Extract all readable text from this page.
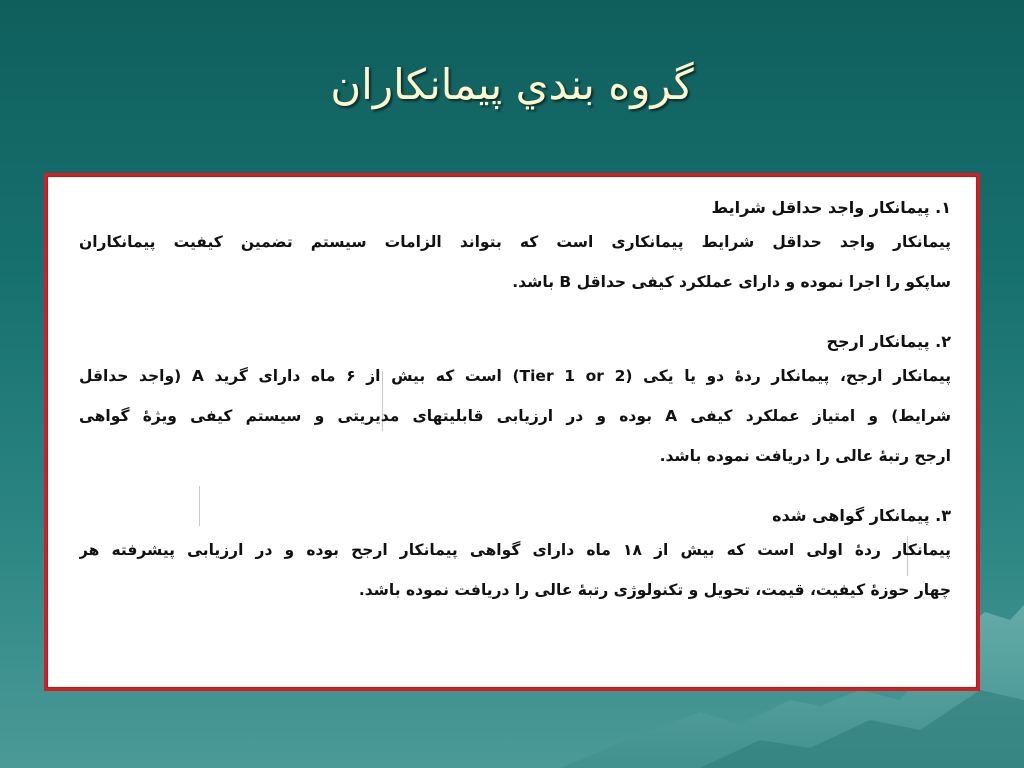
گروه بندي پيمانكاران
۱. پیمانکار واجد حداقل شرایط
پیمانکار واجد حداقل شرایط پیمانکاری است که بتواند الزامات سیستم تضمین کیفیت پیمانکاران
ساپکو را اجرا نموده و دارای عملکرد کیفی حداقل B باشد.
۲. پیمانکار ارجح
پیمانکار ارجح، پیمانکار ردهٔ دو یا یکی (Tier 1 or 2) است که بیش از ۶ ماه دارای گرید A (واجد حداقل
شرایط) و امتیاز عملکرد کیفی A بوده و در ارزیابی قابلیتهای مدیریتی و سیستم کیفی ویژهٔ گواهی
ارجح رتبهٔ عالی را دریافت نموده باشد.
۳. پیمانکار گواهی شده
پیمانکار ردهٔ اولی است که بیش از ۱۸ ماه دارای گواهی پیمانکار ارجح بوده و در ارزیابی پیشرفته هر
چهار حوزهٔ کیفیت، قیمت، تحویل و تکنولوژی رتبهٔ عالی را دریافت نموده باشد.
